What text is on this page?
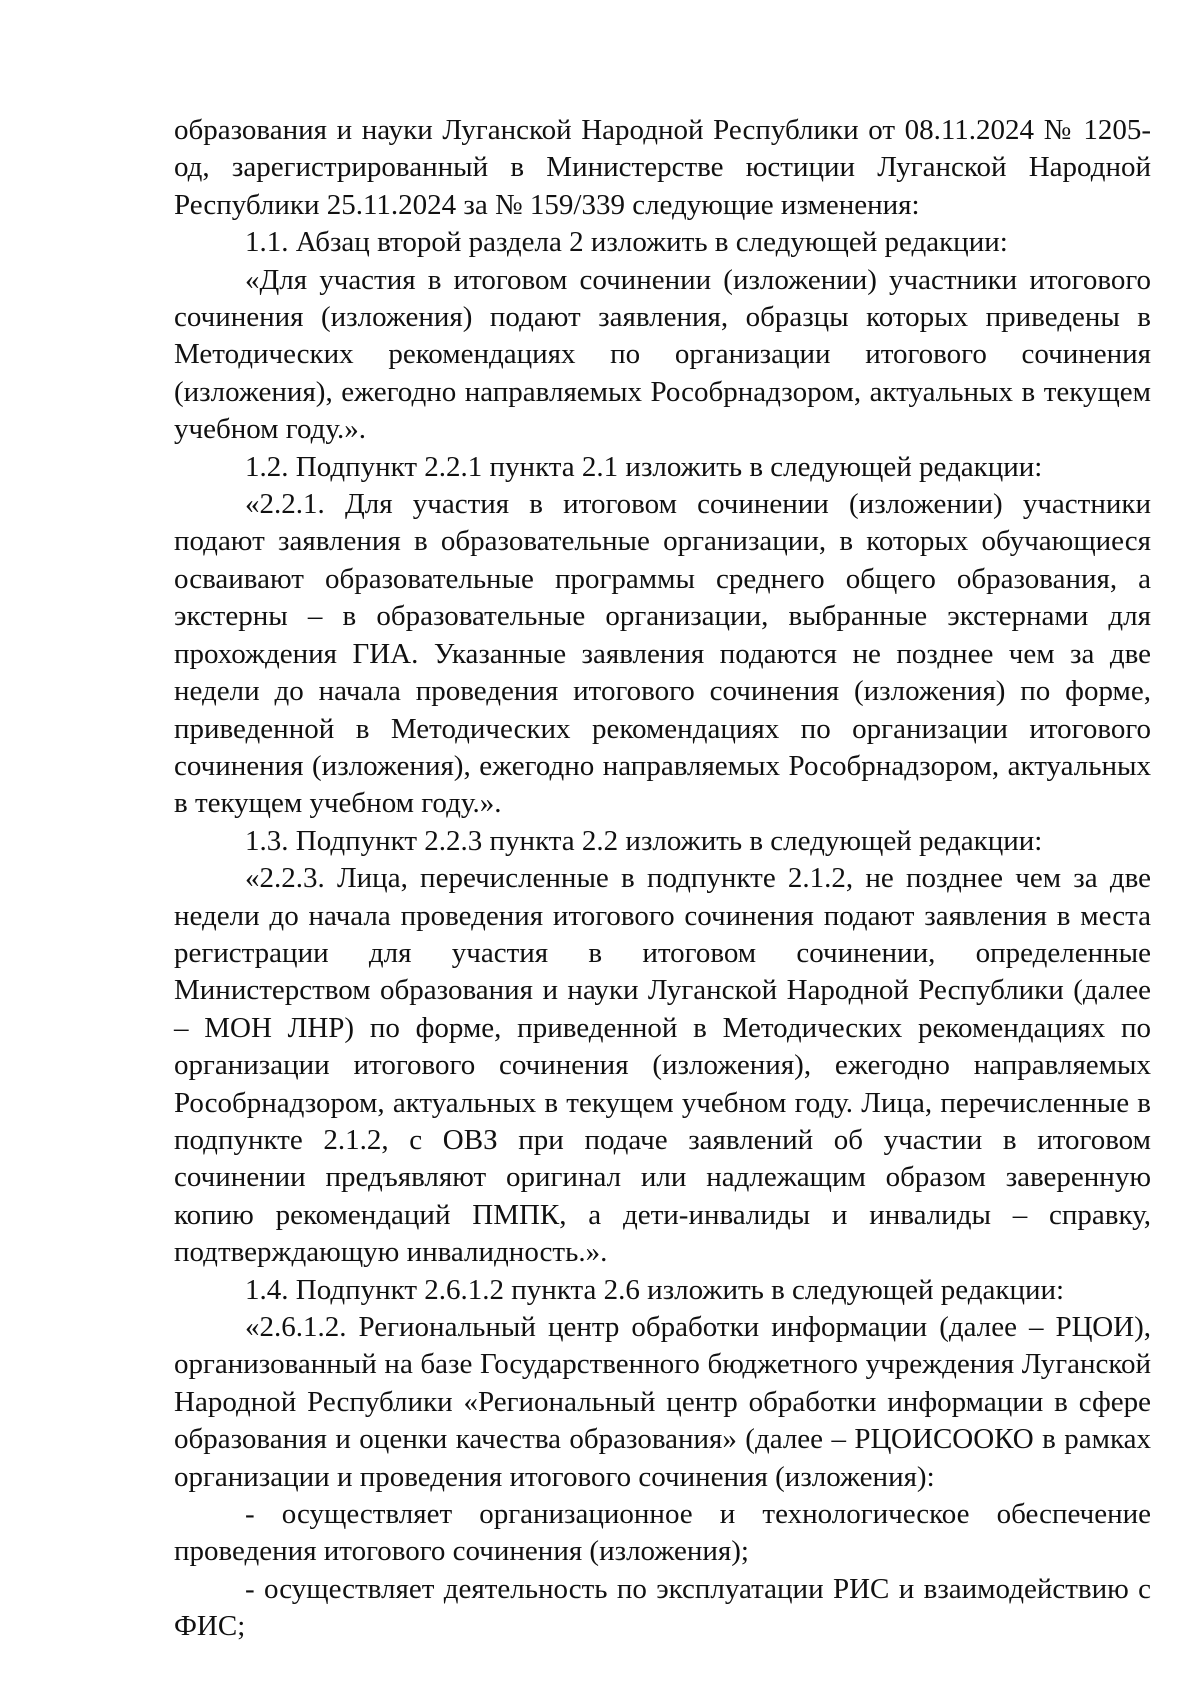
образования и науки Луганской Народной Республики от 08.11.2024 № 1205-од, зарегистрированный в Министерстве юстиции Луганской Народной Республики 25.11.2024 за № 159/339 следующие изменения:

1.1. Абзац второй раздела 2 изложить в следующей редакции:

«Для участия в итоговом сочинении (изложении) участники итогового сочинения (изложения) подают заявления, образцы которых приведены в Методических рекомендациях по организации итогового сочинения (изложения), ежегодно направляемых Рособрнадзором, актуальных в текущем учебном году.».

1.2. Подпункт 2.2.1 пункта 2.1 изложить в следующей редакции:

«2.2.1. Для участия в итоговом сочинении (изложении) участники подают заявления в образовательные организации, в которых обучающиеся осваивают образовательные программы среднего общего образования, а экстерны – в образовательные организации, выбранные экстернами для прохождения ГИА. Указанные заявления подаются не позднее чем за две недели до начала проведения итогового сочинения (изложения) по форме, приведенной в Методических рекомендациях по организации итогового сочинения (изложения), ежегодно направляемых Рособрнадзором, актуальных в текущем учебном году.».

1.3. Подпункт 2.2.3 пункта 2.2 изложить в следующей редакции:

«2.2.3. Лица, перечисленные в подпункте 2.1.2, не позднее чем за две недели до начала проведения итогового сочинения подают заявления в места регистрации для участия в итоговом сочинении, определенные Министерством образования и науки Луганской Народной Республики (далее – МОН ЛНР) по форме, приведенной в Методических рекомендациях по организации итогового сочинения (изложения), ежегодно направляемых Рособрнадзором, актуальных в текущем учебном году. Лица, перечисленные в подпункте 2.1.2, с ОВЗ при подаче заявлений об участии в итоговом сочинении предъявляют оригинал или надлежащим образом заверенную копию рекомендаций ПМПК, а дети-инвалиды и инвалиды – справку, подтверждающую инвалидность.».

1.4. Подпункт 2.6.1.2 пункта 2.6 изложить в следующей редакции:

«2.6.1.2. Региональный центр обработки информации (далее – РЦОИ), организованный на базе Государственного бюджетного учреждения Луганской Народной Республики «Региональный центр обработки информации в сфере образования и оценки качества образования» (далее – РЦОИСООКО в рамках организации и проведения итогового сочинения (изложения):

- осуществляет организационное и технологическое обеспечение проведения итогового сочинения (изложения);

- осуществляет деятельность по эксплуатации РИС и взаимодействию с ФИС;
